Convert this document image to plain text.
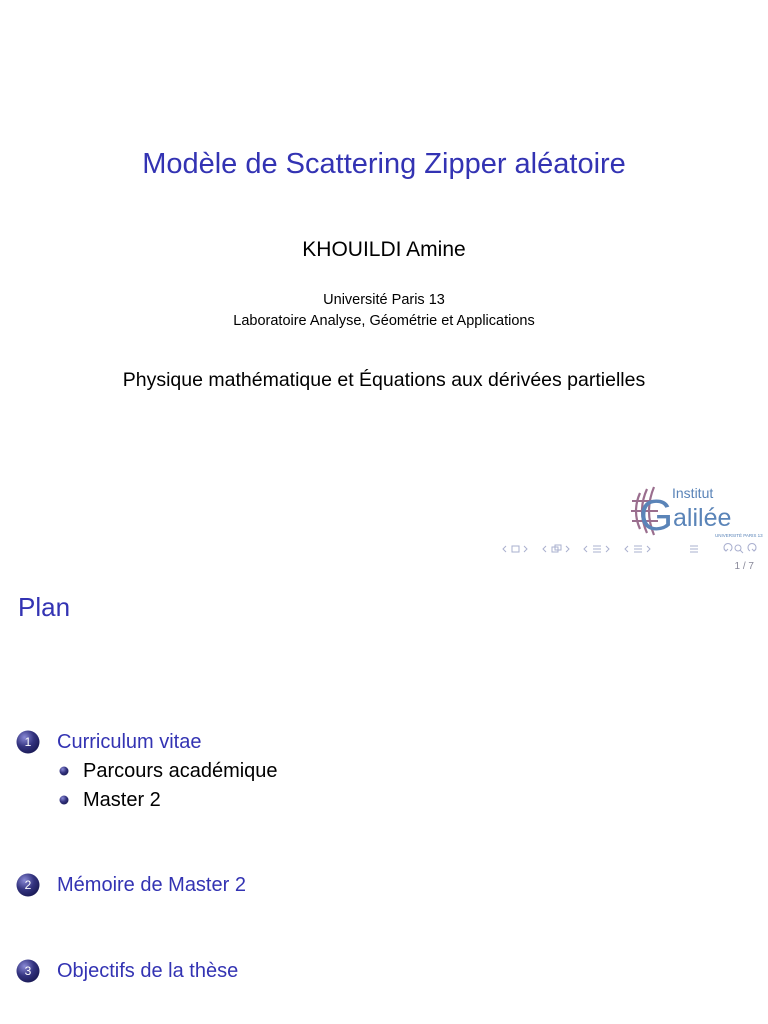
Modèle de Scattering Zipper aléatoire
KHOUILDI Amine
Université Paris 13
Laboratoire Analyse, Géométrie et Applications
Physique mathématique et Équations aux dérivées partielles
Institut
G alilée
UNIVERSITÉ PARIS 13
1 / 7
Plan
1	Curriculum vitae
Parcours académique
Master 2
2	Mémoire de Master 2
3	Objectifs de la thèse
